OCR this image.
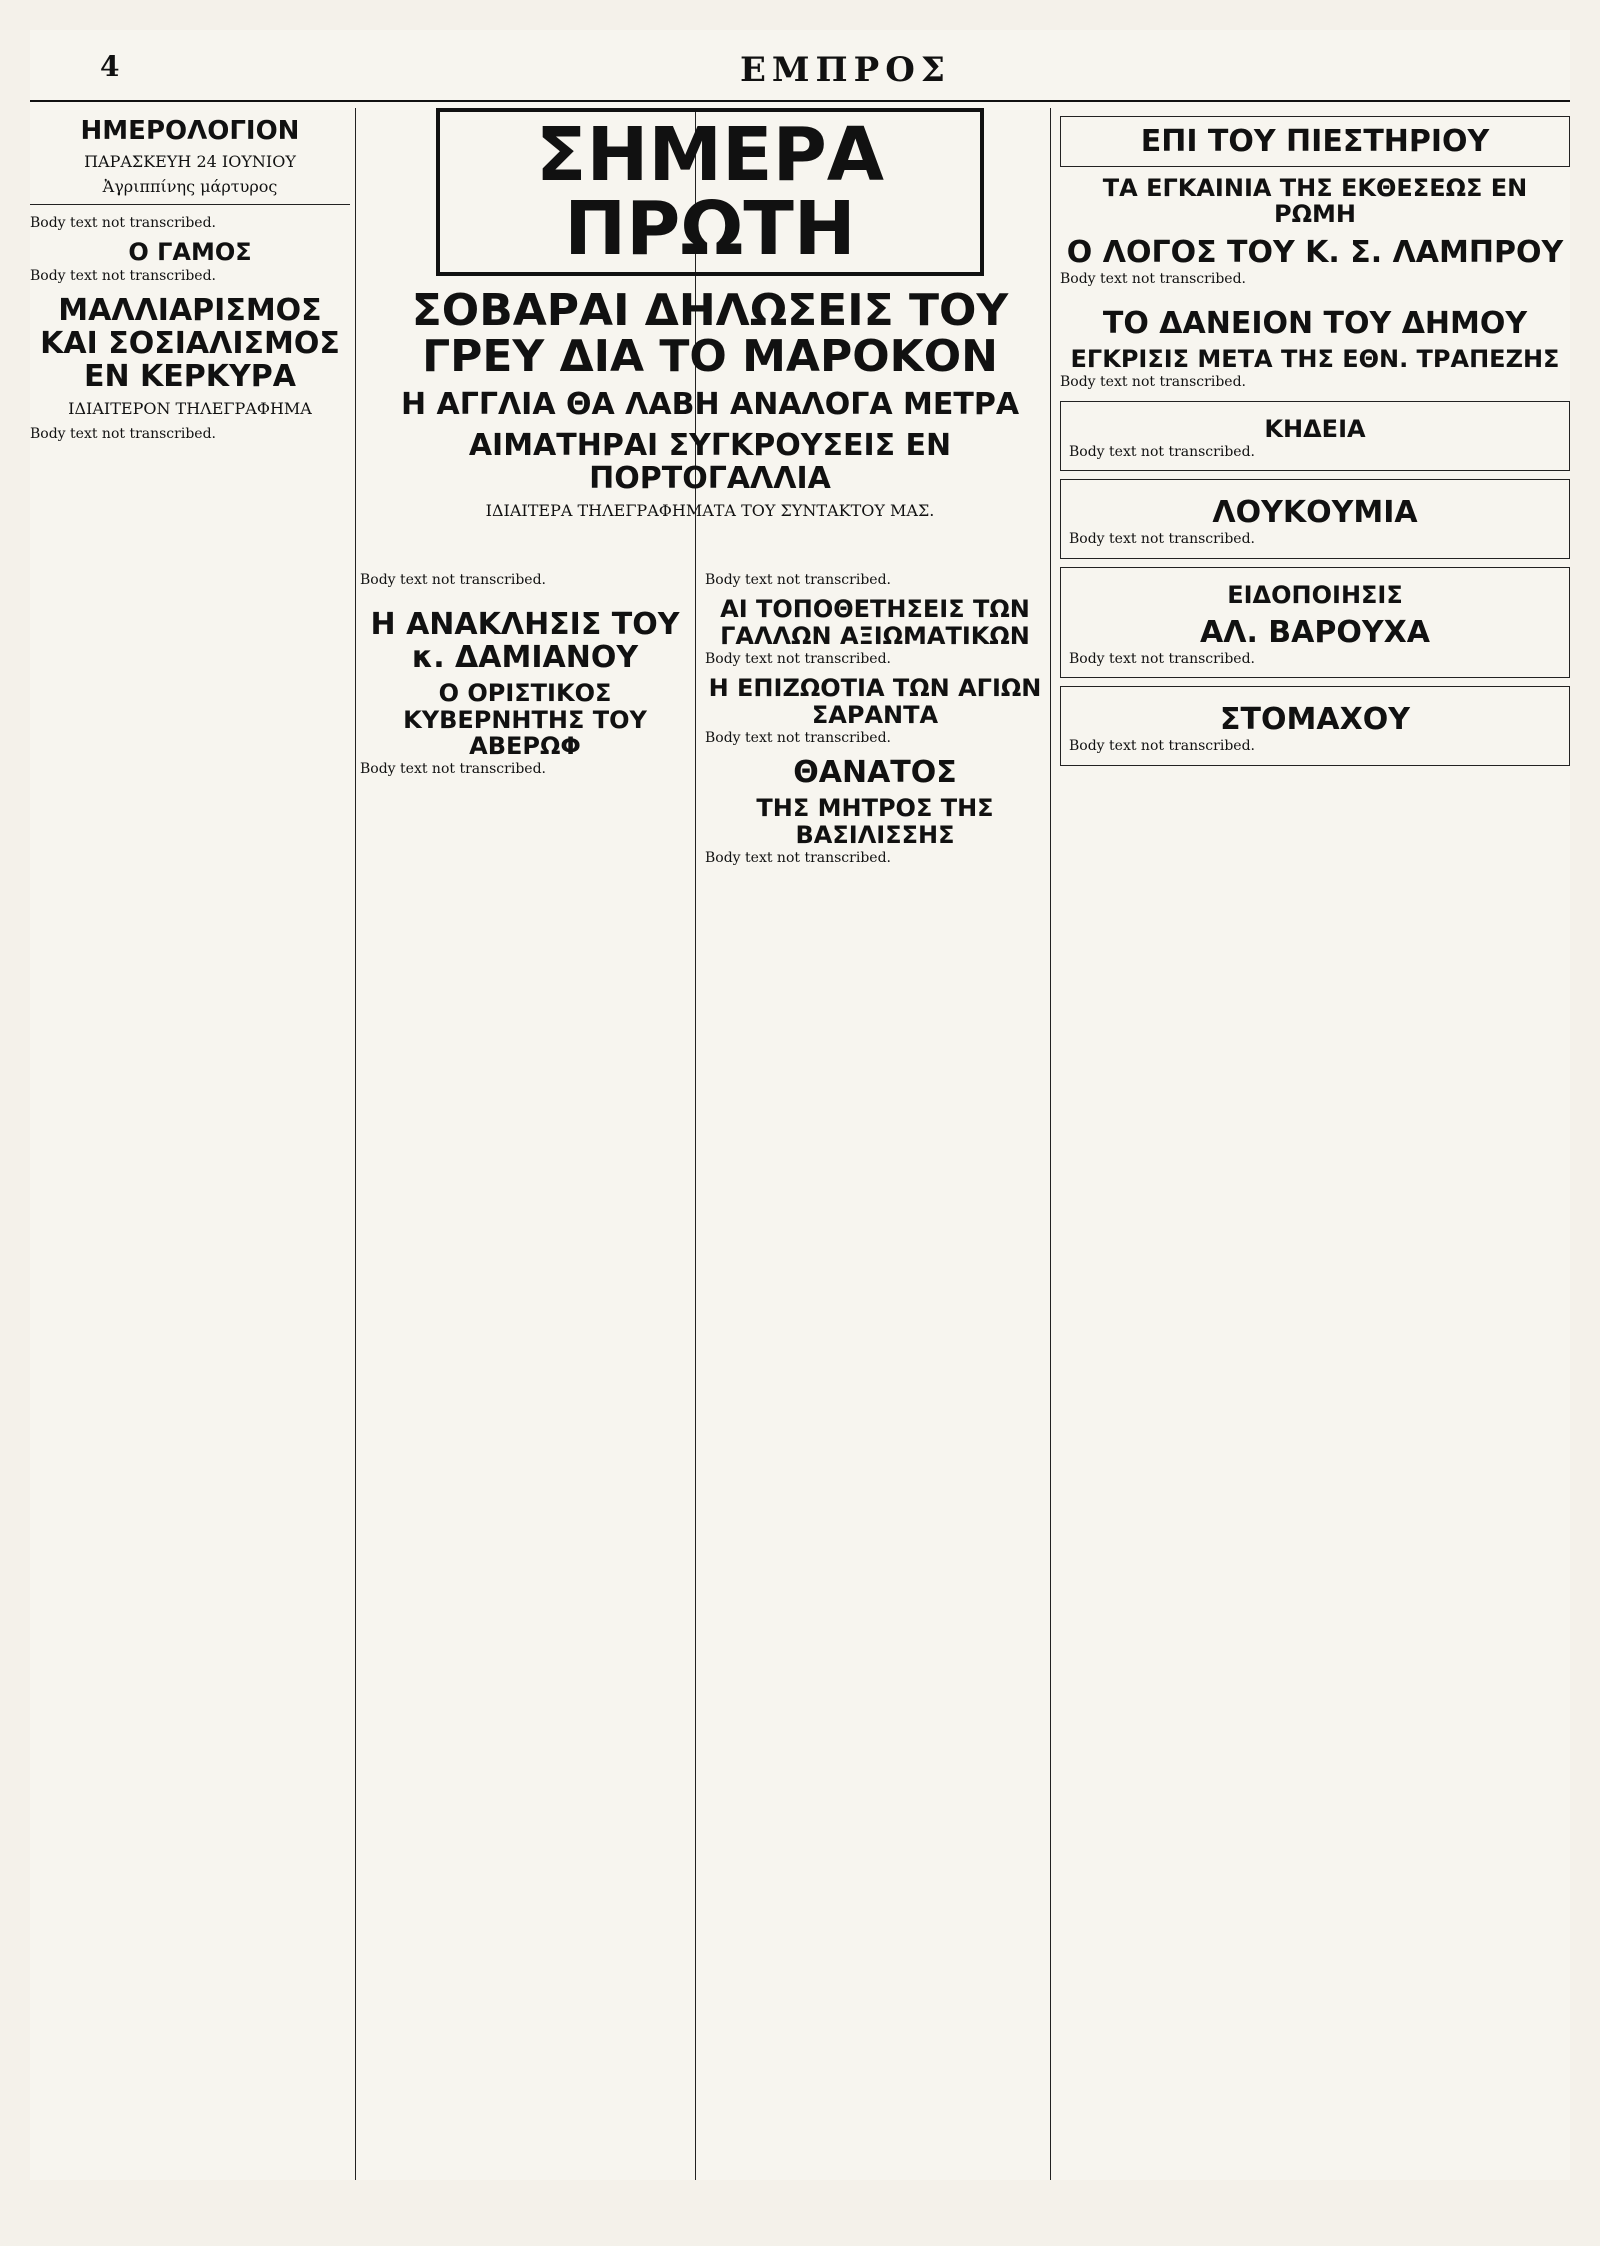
4	ΕΜΠΡΟΣ
ΗΜΕΡΟΛΟΓΙΟΝ
ΠΑΡΑΣΚΕΥΗ 24 ΙΟΥΝΙΟΥ
Ἀγριππίνης μάρτυρος
Body text not transcribed.
Ο ΓΑΜΟΣ
Body text not transcribed.
ΜΑΛΛΙΑΡΙΣΜΟΣ ΚΑΙ ΣΟΣΙΑΛΙΣΜΟΣ ΕΝ ΚΕΡΚΥΡΑ
ΙΔΙΑΙΤΕΡΟΝ ΤΗΛΕΓΡΑΦΗΜΑ
Body text not transcribed.
ΣΗΜΕΡΑ ΠΡΩΤΗ
ΣΟΒΑΡΑΙ ΔΗΛΩΣΕΙΣ ΤΟΥ ΓΡΕΥ ΔΙΑ ΤΟ ΜΑΡΟΚΟΝ
Η ΑΓΓΛΙΑ ΘΑ ΛΑΒΗ ΑΝΑΛΟΓΑ ΜΕΤΡΑ
ΑΙΜΑΤΗΡΑΙ ΣΥΓΚΡΟΥΣΕΙΣ ΕΝ ΠΟΡΤΟΓΑΛΛΙΑ
ΙΔΙΑΙΤΕΡΑ ΤΗΛΕΓΡΑΦΗΜΑΤΑ ΤΟΥ ΣΥΝΤΑΚΤΟΥ ΜΑΣ.
Body text not transcribed.
Η ΑΝΑΚΛΗΣΙΣ ΤΟΥ κ. ΔΑΜΙΑΝΟΥ
Ο ΟΡΙΣΤΙΚΟΣ ΚΥΒΕΡΝΗΤΗΣ ΤΟΥ ΑΒΕΡΩΦ
Body text not transcribed.
Body text not transcribed.
ΑΙ ΤΟΠΟΘΕΤΗΣΕΙΣ ΤΩΝ ΓΑΛΛΩΝ ΑΞΙΩΜΑΤΙΚΩΝ
Body text not transcribed.
Η ΕΠΙΖΩΟΤΙΑ ΤΩΝ ΑΓΙΩΝ ΣΑΡΑΝΤΑ
Body text not transcribed.
ΘΑΝΑΤΟΣ
ΤΗΣ ΜΗΤΡΟΣ ΤΗΣ ΒΑΣΙΛΙΣΣΗΣ
Body text not transcribed.
ΕΠΙ ΤΟΥ ΠΙΕΣΤΗΡΙΟΥ
ΤΑ ΕΓΚΑΙΝΙΑ ΤΗΣ ΕΚΘΕΣΕΩΣ ΕΝ ΡΩΜΗ
Ο ΛΟΓΟΣ ΤΟΥ Κ. Σ. ΛΑΜΠΡΟΥ
Body text not transcribed.
ΤΟ ΔΑΝΕΙΟΝ ΤΟΥ ΔΗΜΟΥ
ΕΓΚΡΙΣΙΣ ΜΕΤΑ ΤΗΣ ΕΘΝ. ΤΡΑΠΕΖΗΣ
Body text not transcribed.
ΚΗΔΕΙΑ
Body text not transcribed.
ΛΟΥΚΟΥΜΙΑ
Body text not transcribed.
ΕΙΔΟΠΟΙΗΣΙΣ
ΑΛ. ΒΑΡΟΥΧΑ
Body text not transcribed.
ΣΤΟΜΑΧΟΥ
Body text not transcribed.
